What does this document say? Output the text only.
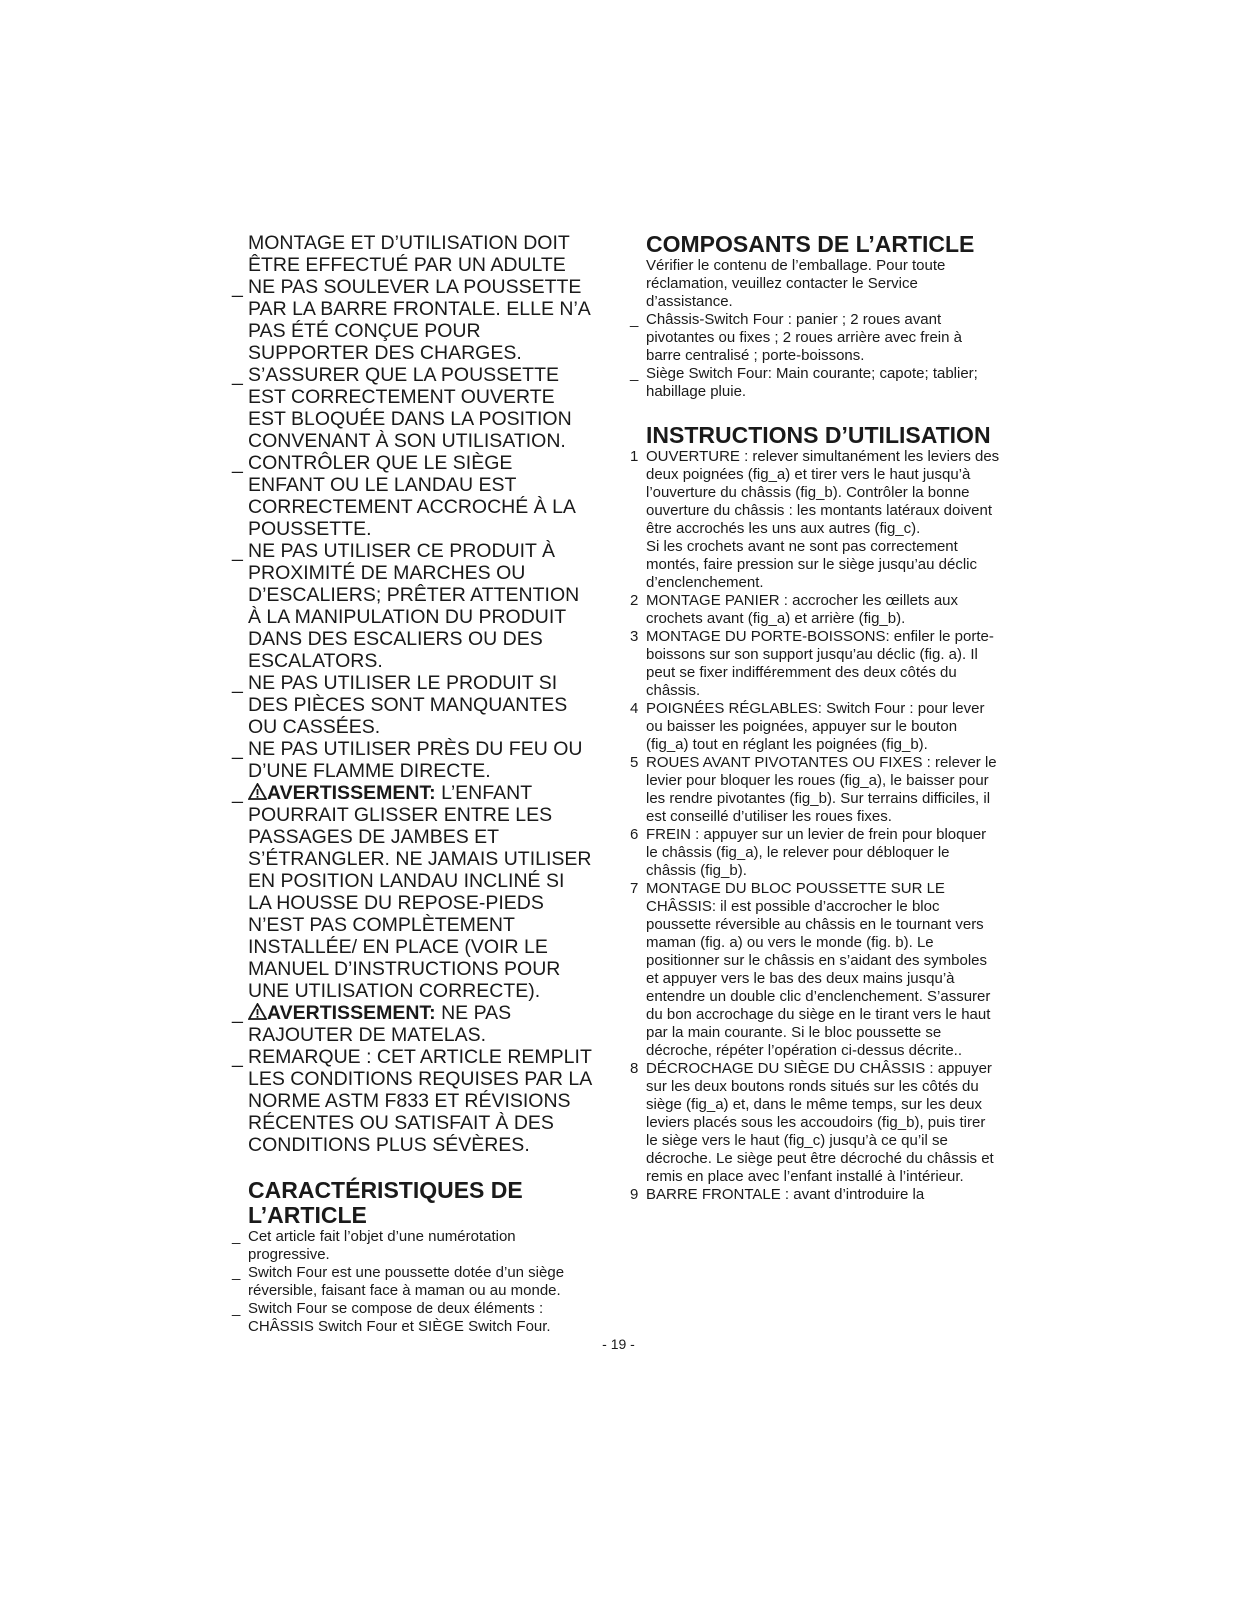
MONTAGE ET D’UTILISATION DOIT ÊTRE EFFECTUÉ PAR UN ADULTE
_ NE PAS SOULEVER LA POUSSETTE PAR LA BARRE FRONTALE. ELLE N’A PAS ÉTÉ CONÇUE POUR SUPPORTER DES CHARGES.
_ S’ASSURER QUE LA POUSSETTE EST CORRECTEMENT OUVERTE EST BLOQUÉE DANS LA POSITION CONVENANT À SON UTILISATION.
_ CONTRÔLER QUE LE SIÈGE ENFANT OU LE LANDAU EST CORRECTEMENT ACCROCHÉ À LA POUSSETTE.
_ NE PAS UTILISER CE PRODUIT À PROXIMITÉ DE MARCHES OU D’ESCALIERS; PRÊTER ATTENTION À LA MANIPULATION DU PRODUIT DANS DES ESCALIERS OU DES ESCALATORS.
_ NE PAS UTILISER LE PRODUIT SI DES PIÈCES SONT MANQUANTES OU CASSÉES.
_ NE PAS UTILISER PRÈS DU FEU OU D’UNE FLAMME DIRECTE.
_ AVERTISSEMENT: L’ENFANT POURRAIT GLISSER ENTRE LES PASSAGES DE JAMBES ET S’ÉTRANGLER. NE JAMAIS UTILISER EN POSITION LANDAU INCLINÉ SI LA HOUSSE DU REPOSE-PIEDS N’EST PAS COMPLÈTEMENT INSTALLÉE/ EN PLACE (VOIR LE MANUEL D’INSTRUCTIONS POUR UNE UTILISATION CORRECTE).
_ AVERTISSEMENT: NE PAS RAJOUTER DE MATELAS.
_ REMARQUE : CET ARTICLE REMPLIT LES CONDITIONS REQUISES PAR LA NORME ASTM F833 ET RÉVISIONS RÉCENTES OU SATISFAIT À DES CONDITIONS PLUS SÉVÈRES.
CARACTÉRISTIQUES DE L’ARTICLE
_ Cet article fait l’objet d’une numérotation progressive.
_ Switch Four est une poussette dotée d’un siège réversible, faisant face à maman ou au monde.
_ Switch Four se compose de deux éléments : CHÂSSIS Switch Four et SIÈGE Switch Four.
COMPOSANTS DE L’ARTICLE
Vérifier le contenu de l’emballage. Pour toute réclamation, veuillez contacter le Service d’assistance.
_ Châssis-Switch Four : panier ; 2 roues avant pivotantes ou fixes ; 2 roues arrière avec frein à barre centralisé ; porte-boissons.
_ Siège Switch Four: Main courante; capote; tablier; habillage pluie.
INSTRUCTIONS D’UTILISATION
1 OUVERTURE : relever simultanément les leviers des deux poignées (fig_a) et tirer vers le haut jusqu’à l’ouverture du châssis (fig_b). Contrôler la bonne ouverture du châssis : les montants latéraux doivent être accrochés les uns aux autres (fig_c).
Si les crochets avant ne sont pas correctement montés, faire pression sur le siège jusqu’au déclic d’enclenchement.
2 MONTAGE PANIER : accrocher les œillets aux crochets avant (fig_a) et arrière (fig_b).
3 MONTAGE DU PORTE-BOISSONS: enfiler le porte-boissons sur son support jusqu’au déclic (fig. a). Il peut se fixer indifféremment des deux côtés du châssis.
4 POIGNÉES RÉGLABLES: Switch Four : pour lever ou baisser les poignées, appuyer sur le bouton (fig_a) tout en réglant les poignées (fig_b).
5 ROUES AVANT PIVOTANTES OU FIXES : relever le levier pour bloquer les roues (fig_a), le baisser pour les rendre pivotantes (fig_b). Sur terrains difficiles, il est conseillé d’utiliser les roues fixes.
6 FREIN : appuyer sur un levier de frein pour bloquer le châssis (fig_a), le relever pour débloquer le châssis (fig_b).
7 MONTAGE DU BLOC POUSSETTE SUR LE CHÂSSIS: il est possible d’accrocher le bloc poussette réversible au châssis en le tournant vers maman (fig. a) ou vers le monde (fig. b). Le positionner sur le châssis en s’aidant des symboles et appuyer vers le bas des deux mains jusqu’à entendre un double clic d’enclenchement. S’assurer du bon accrochage du siège en le tirant vers le haut par la main courante. Si le bloc poussette se décroche, répéter l’opération ci-dessus décrite..
8 DÉCROCHAGE DU SIÈGE DU CHÂSSIS : appuyer sur les deux boutons ronds situés sur les côtés du siège (fig_a) et, dans le même temps, sur les deux leviers placés sous les accoudoirs (fig_b), puis tirer le siège vers le haut (fig_c) jusqu’à ce qu’il se décroche. Le siège peut être décroché du châssis et remis en place avec l’enfant installé à l’intérieur.
9 BARRE FRONTALE : avant d’introduire la
- 19 -
